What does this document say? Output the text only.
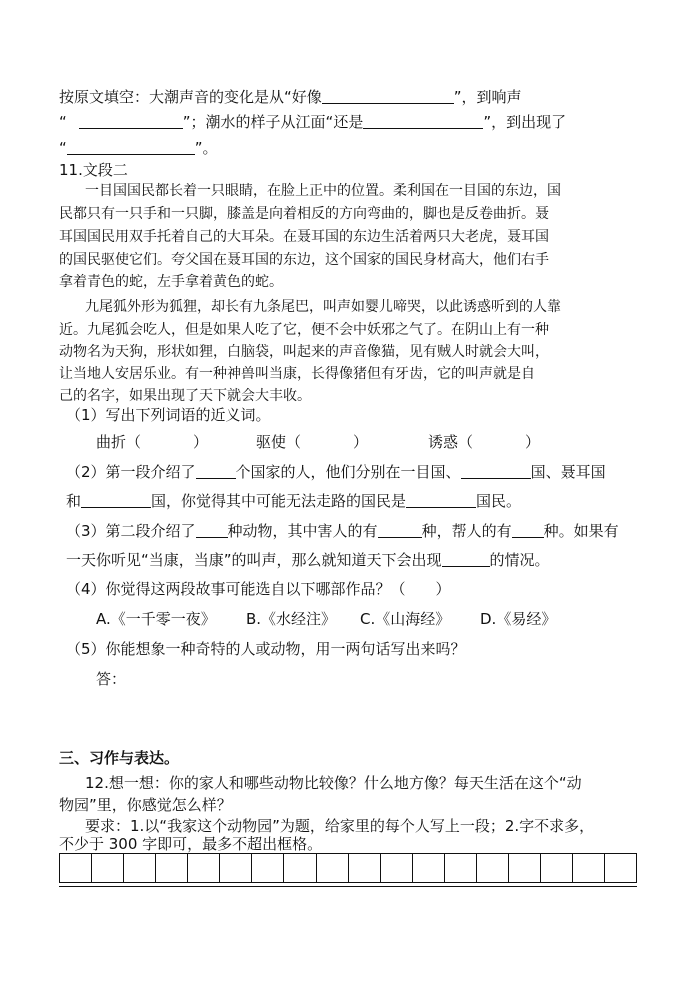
按原文填空：大潮声音的变化是从“好像	”，到响声
“	”；潮水的样子从江面“还是	”，到出现了
“	”。
11.文段二
一目国国民都长着一只眼睛，在脸上正中的位置。柔利国在一目国的东边，国
民都只有一只手和一只脚，膝盖是向着相反的方向弯曲的，脚也是反卷曲折。聂
耳国国民用双手托着自己的大耳朵。在聂耳国的东边生活着两只大老虎，聂耳国
的国民驱使它们。夸父国在聂耳国的东边，这个国家的国民身材高大，他们右手
拿着青色的蛇，左手拿着黄色的蛇。
九尾狐外形为狐狸，却长有九条尾巴，叫声如婴儿啼哭，以此诱惑听到的人靠
近。九尾狐会吃人，但是如果人吃了它，便不会中妖邪之气了。在阴山上有一种
动物名为天狗，形状如狸，白脑袋，叫起来的声音像猫，见有贼人时就会大叫，
让当地人安居乐业。有一种神兽叫当康，长得像猪但有牙齿，它的叫声就是自
己的名字，如果出现了天下就会大丰收。
（1）写出下列词语的近义词。
曲折（	）	驱使（	）	诱惑（	）
（2）第一段介绍了	个国家的人，他们分别在一目国、	国、聂耳国
和	国，你觉得其中可能无法走路的国民是	国民。
（3）第二段介绍了 种动物，其中害人的有	种，帮人的有 种。如果有
一天你听见“当康，当康”的叫声，那么就知道天下会出现	的情况。
（4）你觉得这两段故事可能选自以下哪部作品？（　　）
A.《一千零一夜》 B.《水经注》 C.《山海经》 D.《易经》
（5）你能想象一种奇特的人或动物，用一两句话写出来吗？
答：
三、习作与表达。
12.想一想：你的家人和哪些动物比较像？什么地方像？每天生活在这个“动
物园”里，你感觉怎么样？
要求：1.以“我家这个动物园”为题，给家里的每个人写上一段；2.字不求多，
不少于 300 字即可，最多不超出框格。
